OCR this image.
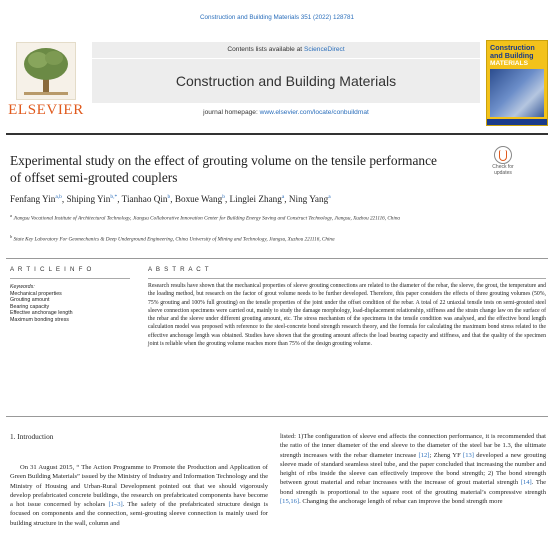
Construction and Building Materials 351 (2022) 128781
ELSEVIER
Contents lists available at ScienceDirect
Construction and Building Materials
journal homepage: www.elsevier.com/locate/conbuildmat
Construction
and Building
MATERIALS
Experimental study on the effect of grouting volume on the tensile performance of offset semi-grouted couplers
Check for
updates
Fenfang Yin$^{a,b}$, Shiping Yin$^{b,*}$, Tianhao Qin$^b$, Boxue Wang$^b$, Linglei Zhang$^a$, Ning Yang$^a$
$^a$ Jiangsu Vocational Institute of Architectural Technology, Jiangsu Collaborative Innovation Center for Building Energy Saving and Construct Technology, Jiangsu, Xuzhou 221116, China
$^b$ State Key Laboratory For Geomechanics & Deep Underground Engineering, China University of Mining and Technology, Jiangsu, Xuzhou 221116, China
A R T I C L E I N F O	A B S T R A C T
Keywords:
Mechanical properties
Grouting amount
Bearing capacity
Effective anchorage length
Maximum bonding stress
Research results have shown that the mechanical properties of sleeve grouting connections are related to the diameter of the rebar, the sleeve, the grout, the temperature and the loading method, but research on the factor of grout volume needs to be further developed. Therefore, this paper considers the effects of three grouting volumes (50%, 75% grouting and 100% full grouting) on the tensile properties of the joint under the offset condition of the rebar. A total of 22 uniaxial tensile tests on semi-grouted steel sleeve connection specimens were carried out, mainly to study the damage morphology, load-displacement relationship, stiffness and the strain change law on the surface of the rebar and the sleeve under different grouting amount, etc. The stress mechanism of the specimens in the tensile condition was analysed, and the effective bond length calculation model was proposed with reference to the steel-concrete bond strength research theory, and the formula for calculating the maximum bond stress related to the effective anchorage length was obtained. Studies have shown that the grouting amount affects the load bearing capacity and stiffness, and that the quality of the specimen joint is reliable when the grouting volume reaches more than 75% of the design grouting volume.
1. Introduction
On 31 August 2015, “ The Action Programme to Promote the Production and Application of Green Building Materials” issued by the Ministry of Industry and Information Technology and the Ministry of Housing and Urban-Rural Development pointed out that we should vigorously develop prefabricated concrete buildings, the research on prefabricated components have become a hot issue concerned by scholars [1–3]. The safety of the prefabricated structure design is focused on components and the connection, semi-grouting sleeve connection is mainly used for building structure in the wall, column and
listed: 1)The configuration of sleeve end affects the connection performance, it is recommended that the ratio of the inner diameter of the end sleeve to the diameter of the steel bar be 1.3, the ultimate strength increases with the rebar diameter increase [12]; Zheng YF [13] developed a new grouting sleeve made of standard seamless steel tube, and the paper concluded that increasing the number and height of ribs inside the sleeve can effectively improve the bond strength; 2) The bond strength between grout material and rebar increases with the increase of grout material strength [14]. The bond strength is proportional to the square root of the grouting material’s compressive strength [15,16]. Changing the anchorage length of rebar can improve the bond strength more
